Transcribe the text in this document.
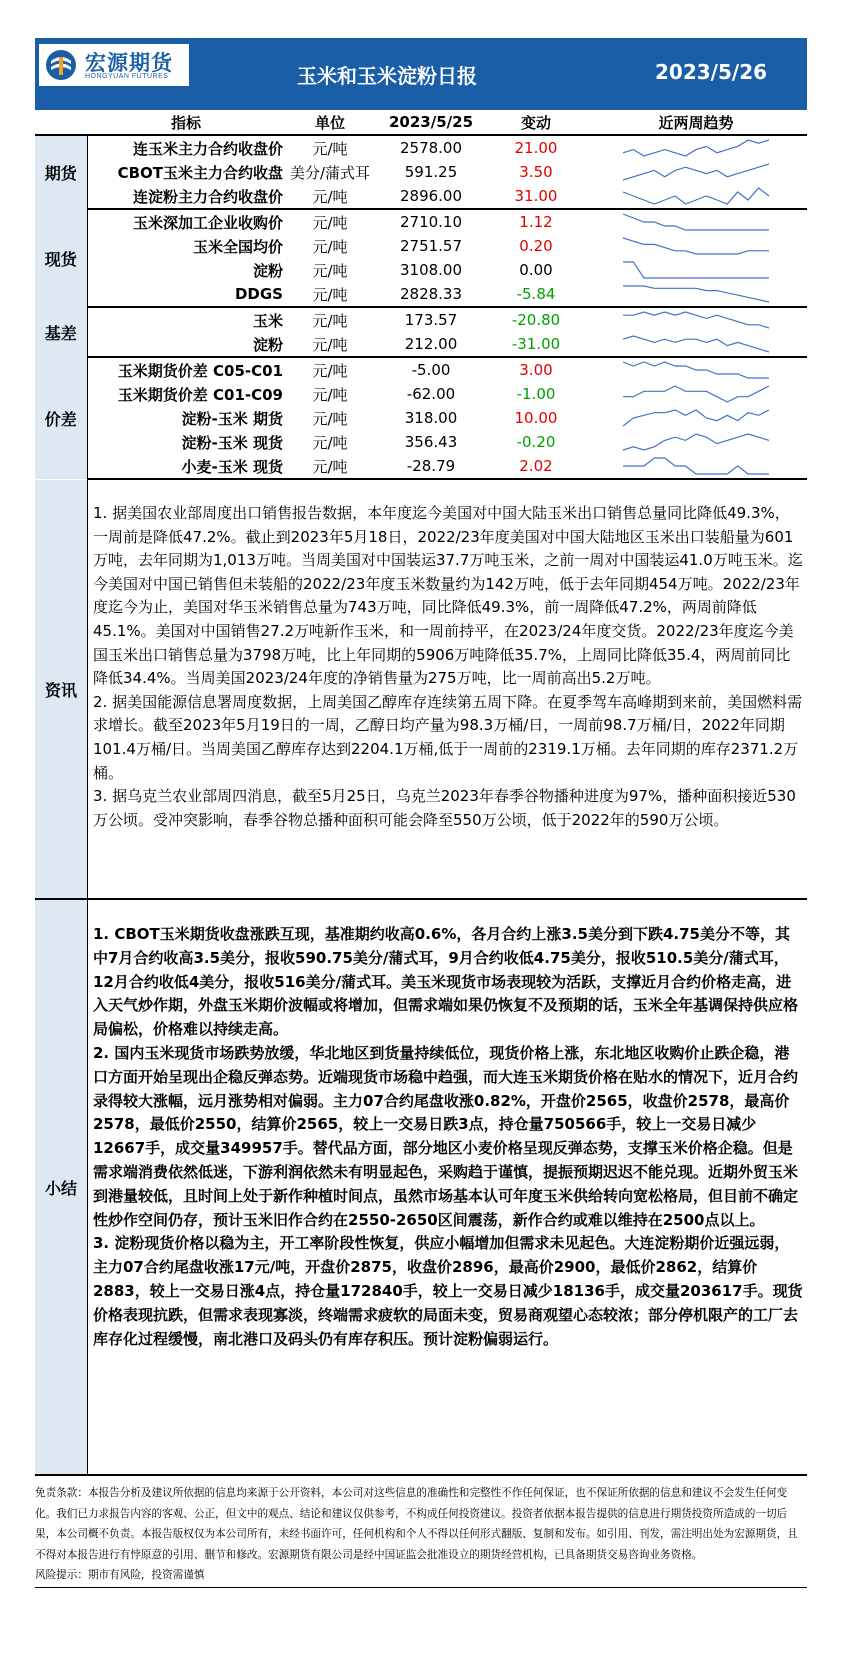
宏源期货
HONGYUAN FUTURES	玉米和玉米淀粉日报	2023/5/26
	指标	单位	2023/5/25	变动	近两周趋势
期货	连玉米主力合约收盘价	元/吨	2578.00	21.00	

	CBOT玉米主力合约收盘	美分/蒲式耳	591.25	3.50	

	连淀粉主力合约收盘价	元/吨	2896.00	31.00	

现货	玉米深加工企业收购价	元/吨	2710.10	1.12	

	玉米全国均价	元/吨	2751.57	0.20	

	淀粉	元/吨	3108.00	0.00	

	DDGS	元/吨	2828.33	-5.84	

基差	玉米	元/吨	173.57	-20.80	

	淀粉	元/吨	212.00	-31.00	

价差	玉米期货价差 C05-C01	元/吨	-5.00	3.00	

	玉米期货价差 C01-C09	元/吨	-62.00	-1.00	

	淀粉-玉米 期货	元/吨	318.00	10.00	

	淀粉-玉米 现货	元/吨	356.43	-0.20	

	小麦-玉米 现货	元/吨	-28.79	2.02	
资讯

1. 据美国农业部周度出口销售报告数据，本年度迄今美国对中国大陆玉米出口销售总量同比降低49.3%，一周前是降低47.2%。截止到2023年5月18日，2022/23年度美国对中国大陆地区玉米出口装船量为601万吨，去年同期为1,013万吨。当周美国对中国装运37.7万吨玉米，之前一周对中国装运41.0万吨玉米。迄今美国对中国已销售但未装船的2022/23年度玉米数量约为142万吨，低于去年同期454万吨。2022/23年度迄今为止，美国对华玉米销售总量为743万吨，同比降低49.3%，前一周降低47.2%，两周前降低45.1%。美国对中国销售27.2万吨新作玉米，和一周前持平，在2023/24年度交货。2022/23年度迄今美国玉米出口销售总量为3798万吨，比上年同期的5906万吨降低35.7%，上周同比降低35.4，两周前同比降低34.4%。当周美国2023/24年度的净销售量为275万吨，比一周前高出5.2万吨。

2. 据美国能源信息署周度数据，上周美国乙醇库存连续第五周下降。在夏季驾车高峰期到来前，美国燃料需求增长。截至2023年5月19日的一周，乙醇日均产量为98.3万桶/日，一周前98.7万桶/日，2022年同期101.4万桶/日。当周美国乙醇库存达到2204.1万桶,低于一周前的2319.1万桶。去年同期的库存2371.2万桶。

3. 据乌克兰农业部周四消息，截至5月25日，乌克兰2023年春季谷物播种进度为97%，播种面积接近530万公顷。受冲突影响，春季谷物总播种面积可能会降至550万公顷，低于2022年的590万公顷。

小结

1. CBOT玉米期货收盘涨跌互现，基准期约收高0.6%，各月合约上涨3.5美分到下跌4.75美分不等，其中7月合约收高3.5美分，报收590.75美分/蒲式耳，9月合约收低4.75美分，报收510.5美分/蒲式耳，12月合约收低4美分，报收516美分/蒲式耳。美玉米现货市场表现较为活跃，支撑近月合约价格走高，进入天气炒作期，外盘玉米期价波幅或将增加，但需求端如果仍恢复不及预期的话，玉米全年基调保持供应格局偏松，价格难以持续走高。

2. 国内玉米现货市场跌势放缓，华北地区到货量持续低位，现货价格上涨，东北地区收购价止跌企稳，港口方面开始呈现出企稳反弹态势。近端现货市场稳中趋强，而大连玉米期货价格在贴水的情况下，近月合约录得较大涨幅，远月涨势相对偏弱。主力07合约尾盘收涨0.82%，开盘价2565，收盘价2578，最高价2578，最低价2550，结算价2565，较上一交易日跌3点，持仓量750566手，较上一交易日减少12667手，成交量349957手。替代品方面，部分地区小麦价格呈现反弹态势，支撑玉米价格企稳。但是需求端消费依然低迷，下游利润依然未有明显起色，采购趋于谨慎，提振预期迟迟不能兑现。近期外贸玉米到港量较低，且时间上处于新作种植时间点，虽然市场基本认可年度玉米供给转向宽松格局，但目前不确定性炒作空间仍存，预计玉米旧作合约在2550-2650区间震荡，新作合约或难以维持在2500点以上。

3. 淀粉现货价格以稳为主，开工率阶段性恢复，供应小幅增加但需求未见起色。大连淀粉期价近强远弱，主力07合约尾盘收涨17元/吨，开盘价2875，收盘价2896，最高价2900，最低价2862，结算价2883，较上一交易日涨4点，持仓量172840手，较上一交易日减少18136手，成交量203617手。现货价格表现抗跌，但需求表现寡淡，终端需求疲软的局面未变，贸易商观望心态较浓；部分停机限产的工厂去库存化过程缓慢，南北港口及码头仍有库存积压。预计淀粉偏弱运行。

免责条款：本报告分析及建议所依据的信息均来源于公开资料，本公司对这些信息的准确性和完整性不作任何保证，也不保证所依据的信息和建议不会发生任何变化。我们已力求报告内容的客观、公正，但文中的观点、结论和建议仅供参考，不构成任何投资建议。投资者依据本报告提供的信息进行期货投资所造成的一切后果，本公司概不负责。本报告版权仅为本公司所有，未经书面许可，任何机构和个人不得以任何形式翻版、复制和发布。如引用、刊发，需注明出处为宏源期货，且不得对本报告进行有悖原意的引用、删节和修改。宏源期货有限公司是经中国证监会批准设立的期货经营机构，已具备期货交易咨询业务资格。

风险提示：期市有风险，投资需谨慎
